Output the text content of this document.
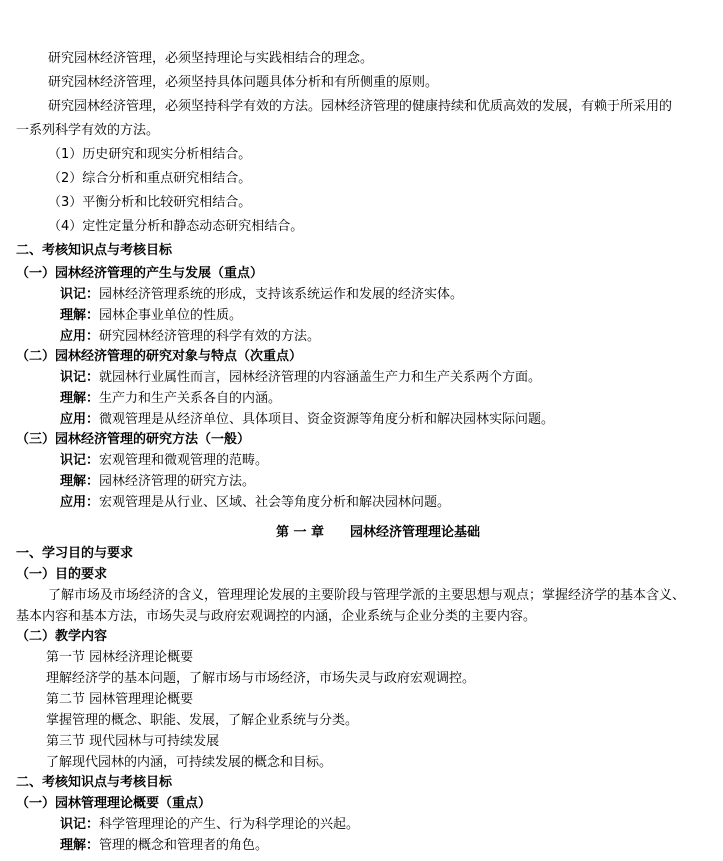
研究园林经济管理，必须坚持理论与实践相结合的理念。
研究园林经济管理，必须坚持具体问题具体分析和有所侧重的原则。
研究园林经济管理，必须坚持科学有效的方法。园林经济管理的健康持续和优质高效的发展，有赖于所采用的
一系列科学有效的方法。
（1）历史研究和现实分析相结合。
（2）综合分析和重点研究相结合。
（3）平衡分析和比较研究相结合。
（4）定性定量分析和静态动态研究相结合。
二、考核知识点与考核目标
（一）园林经济管理的产生与发展（重点）
识记：园林经济管理系统的形成，支持该系统运作和发展的经济实体。
理解：园林企事业单位的性质。
应用：研究园林经济管理的科学有效的方法。
（二）园林经济管理的研究对象与特点（次重点）
识记：就园林行业属性而言，园林经济管理的内容涵盖生产力和生产关系两个方面。
理解：生产力和生产关系各自的内涵。
应用：微观管理是从经济单位、具体项目、资金资源等角度分析和解决园林实际问题。
（三）园林经济管理的研究方法（一般）
识记：宏观管理和微观管理的范畴。
理解：园林经济管理的研究方法。
应用：宏观管理是从行业、区域、社会等角度分析和解决园林问题。
第 一 章　　园林经济管理理论基础
一、学习目的与要求
（一）目的要求
了解市场及市场经济的含义，管理理论发展的主要阶段与管理学派的主要思想与观点；掌握经济学的基本含义、
基本内容和基本方法，市场失灵与政府宏观调控的内涵，企业系统与企业分类的主要内容。
（二）教学内容
第一节 园林经济理论概要
理解经济学的基本问题，了解市场与市场经济，市场失灵与政府宏观调控。
第二节 园林管理理论概要
掌握管理的概念、职能、发展，了解企业系统与分类。
第三节 现代园林与可持续发展
了解现代园林的内涵，可持续发展的概念和目标。
二、考核知识点与考核目标
（一）园林管理理论概要（重点）
识记：科学管理理论的产生、行为科学理论的兴起。
理解：管理的概念和管理者的角色。
